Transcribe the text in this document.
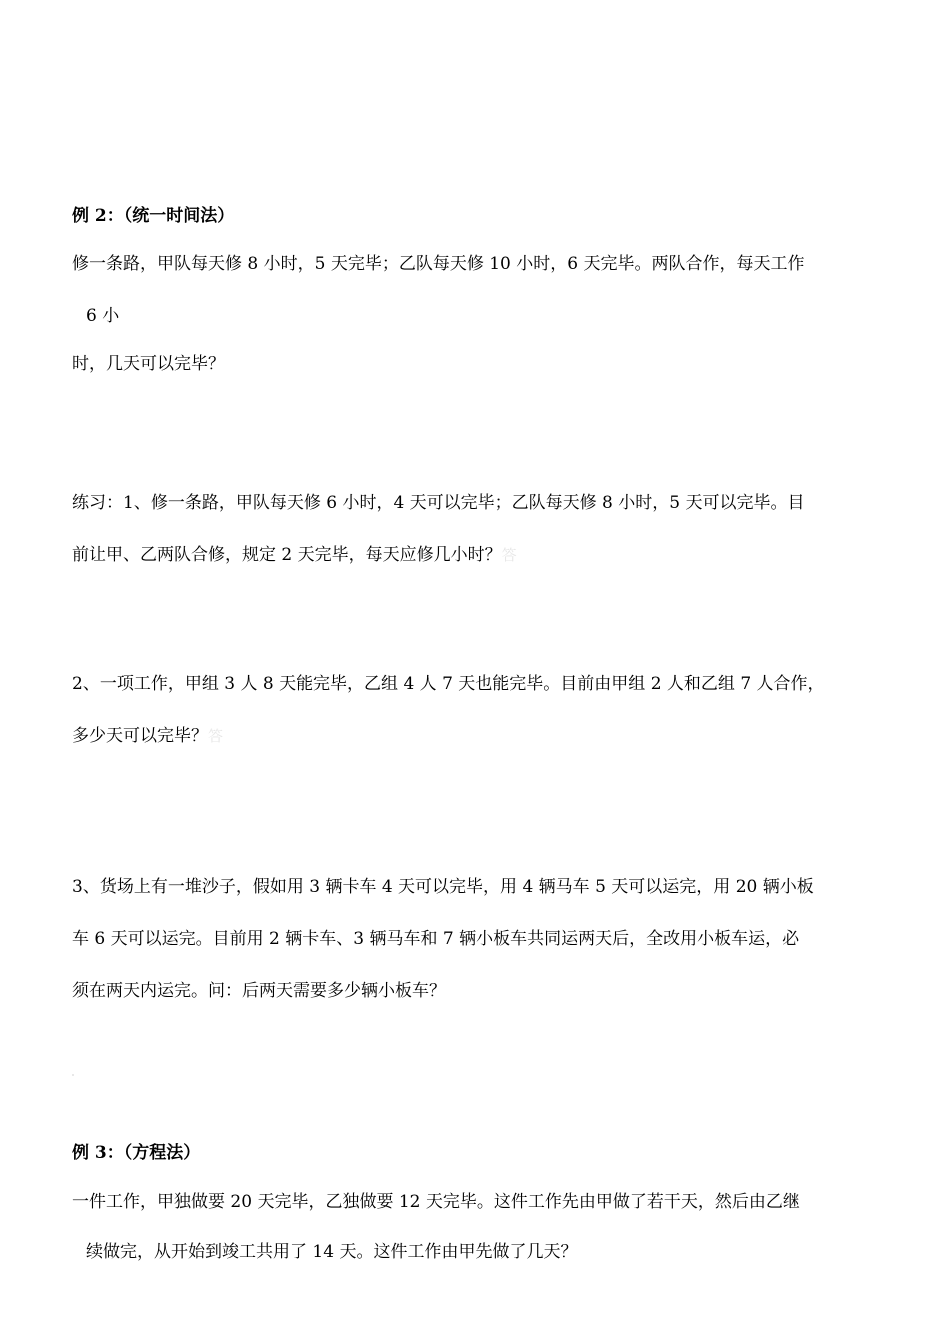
例 2：（统一时间法）
修一条路，甲队每天修 8 小时，5 天完毕；乙队每天修 10 小时，6 天完毕。两队合作，每天工作
6 小
时，几天可以完毕？
练习：1、修一条路，甲队每天修 6 小时，4 天可以完毕；乙队每天修 8 小时，5 天可以完毕。目
前让甲、乙两队合修，规定 2 天完毕，每天应修几小时？答
2、一项工作，甲组 3 人 8 天能完毕，乙组 4 人 7 天也能完毕。目前由甲组 2 人和乙组 7 人合作，
多少天可以完毕？答
3、货场上有一堆沙子，假如用 3 辆卡车 4 天可以完毕，用 4 辆马车 5 天可以运完，用 20 辆小板
车 6 天可以运完。目前用 2 辆卡车、3 辆马车和 7 辆小板车共同运两天后，全改用小板车运，必
须在两天内运完。问：后两天需要多少辆小板车？
例 3：（方程法）
一件工作，甲独做要 20 天完毕，乙独做要 12 天完毕。这件工作先由甲做了若干天，然后由乙继
续做完，从开始到竣工共用了 14 天。这件工作由甲先做了几天？
